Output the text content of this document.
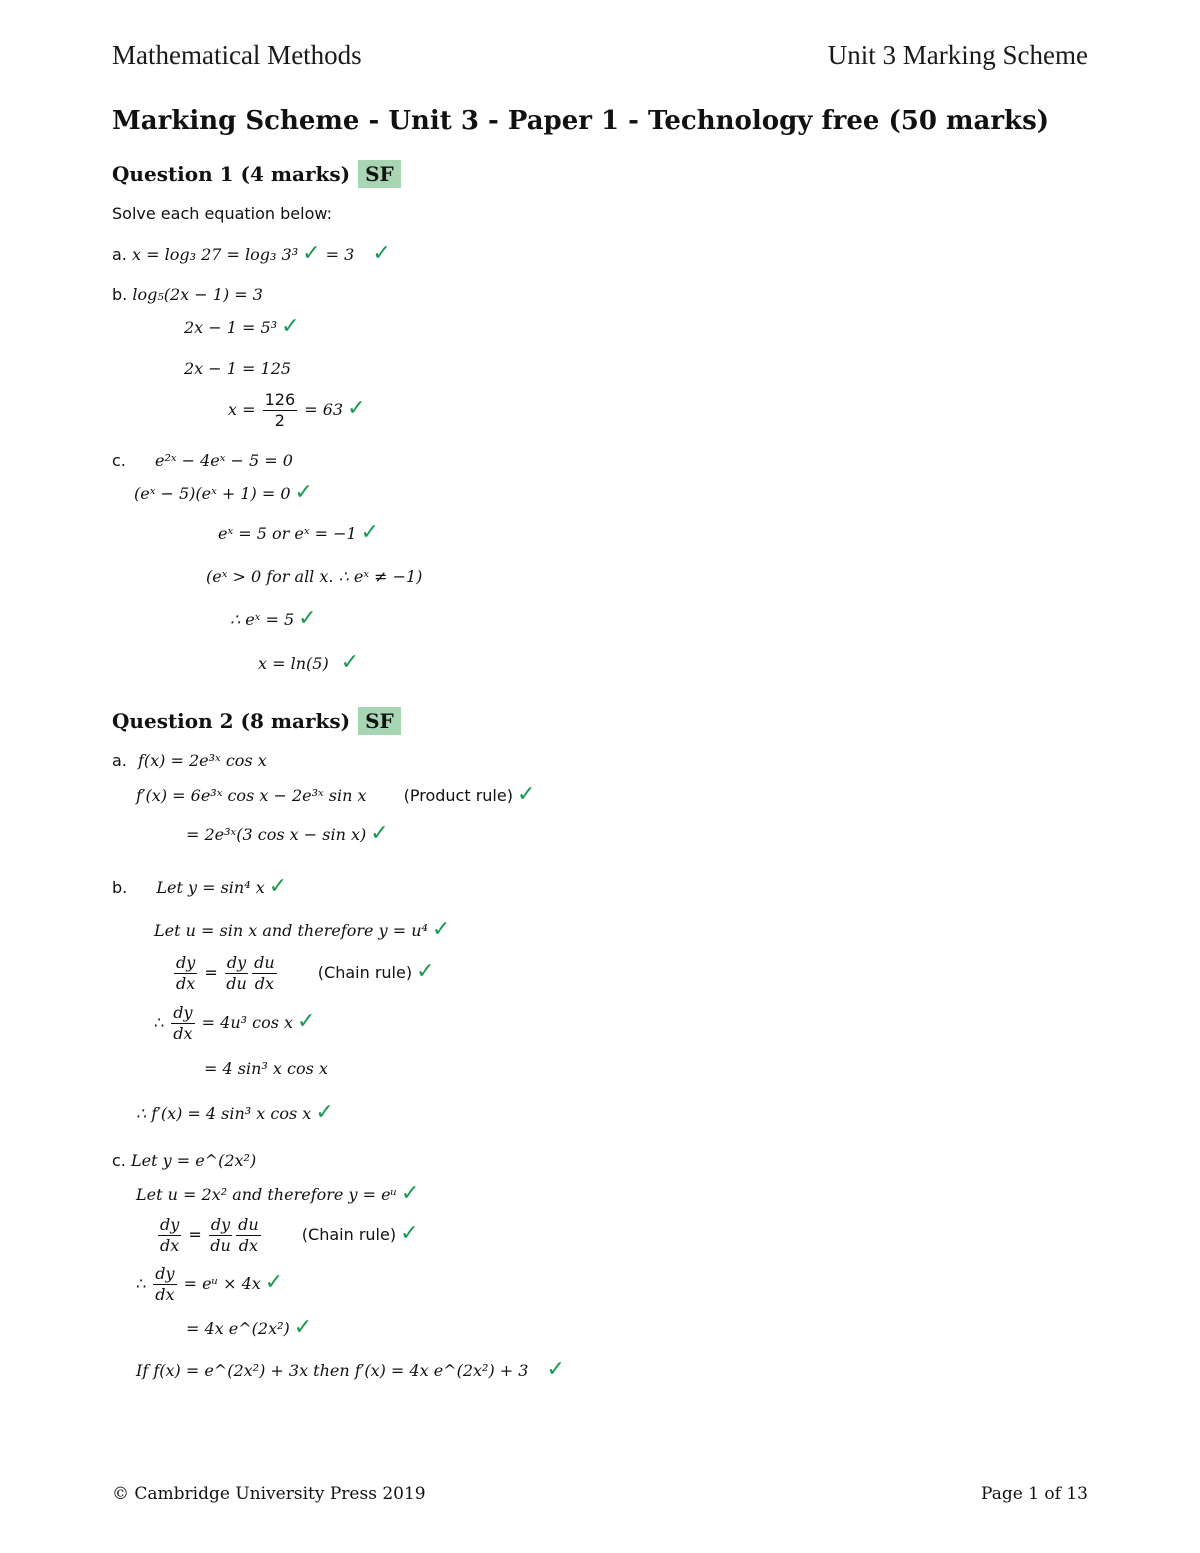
Mathematical Methods	Unit 3 Marking Scheme
Marking Scheme - Unit 3 - Paper 1 - Technology free (50 marks)
Question 1 (4 marks) SF
Solve each equation below:
a. x = log₃ 27 = log₃ 3³ ✓ = 3 ✓
b. log₅(2x − 1) = 3
2x − 1 = 5³ ✓
2x − 1 = 125
$x = \frac{126}{2} = 63$ ✓
c. e²ˣ − 4eˣ − 5 = 0
(eˣ − 5)(eˣ + 1) = 0 ✓
eˣ = 5 or eˣ = −1 ✓
(eˣ > 0 for all x. ∴ eˣ ≠ −1)
∴ eˣ = 5 ✓
x = ln(5) ✓
Question 2 (8 marks) SF
a. f(x) = 2e³ˣ cos x
f′(x) = 6e³ˣ cos x − 2e³ˣ sin x (Product rule) ✓
= 2e³ˣ(3 cos x − sin x) ✓
b. Let y = sin⁴ x ✓
Let u = sin x and therefore y = u⁴ ✓
$\frac{dy}{dx} = \frac{dy}{du} \frac{du}{dx}$	(Chain rule) ✓
∴ $\frac{dy}{dx} = 4u^3$ cos x ✓
= 4 sin³ x cos x
∴ f′(x) = 4 sin³ x cos x ✓
c. Let y = e^(2x²)
Let u = 2x² and therefore y = eᵘ ✓
$\frac{dy}{dx} = \frac{dy}{du} \frac{du}{dx}$	(Chain rule) ✓
∴ $\frac{dy}{dx}$ = eᵘ × 4x ✓
= 4x e^(2x²) ✓
If f(x) = e^(2x²) + 3x then f′(x) = 4x e^(2x²) + 3 ✓
© Cambridge University Press 2019	Page 1 of 13
